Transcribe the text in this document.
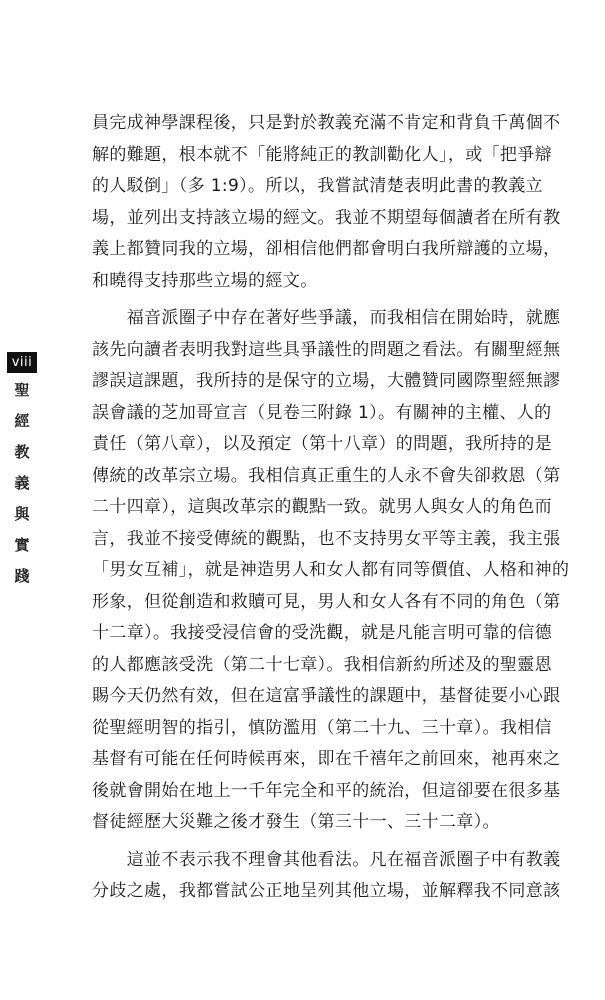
viii
聖
經
教
義
與
實
踐
員完成神學課程後，只是對於教義充滿不肯定和背負千萬個不
解的難題，根本就不「能將純正的教訓勸化人」，或「把爭辯
的人駁倒」（多 1:9）。所以，我嘗試清楚表明此書的教義立
場，並列出支持該立場的經文。我並不期望每個讀者在所有教
義上都贊同我的立場，卻相信他們都會明白我所辯護的立場，
和曉得支持那些立場的經文。
　　福音派圈子中存在著好些爭議，而我相信在開始時，就應
該先向讀者表明我對這些具爭議性的問題之看法。有關聖經無
謬誤這課題，我所持的是保守的立場，大體贊同國際聖經無謬
誤會議的芝加哥宣言（見卷三附錄 1）。有關神的主權、人的
責任（第八章），以及預定（第十八章）的問題，我所持的是
傳統的改革宗立場。我相信真正重生的人永不會失卻救恩（第
二十四章），這與改革宗的觀點一致。就男人與女人的角色而
言，我並不接受傳統的觀點，也不支持男女平等主義，我主張
「男女互補」，就是神造男人和女人都有同等價值、人格和神的
形象，但從創造和救贖可見，男人和女人各有不同的角色（第
十二章）。我接受浸信會的受洗觀，就是凡能言明可靠的信德
的人都應該受洗（第二十七章）。我相信新約所述及的聖靈恩
賜今天仍然有效，但在這富爭議性的課題中，基督徒要小心跟
從聖經明智的指引，慎防濫用（第二十九、三十章）。我相信
基督有可能在任何時候再來，即在千禧年之前回來，祂再來之
後就會開始在地上一千年完全和平的統治，但這卻要在很多基
督徒經歷大災難之後才發生（第三十一、三十二章）。
　　這並不表示我不理會其他看法。凡在福音派圈子中有教義
分歧之處，我都嘗試公正地呈列其他立場，並解釋我不同意該
